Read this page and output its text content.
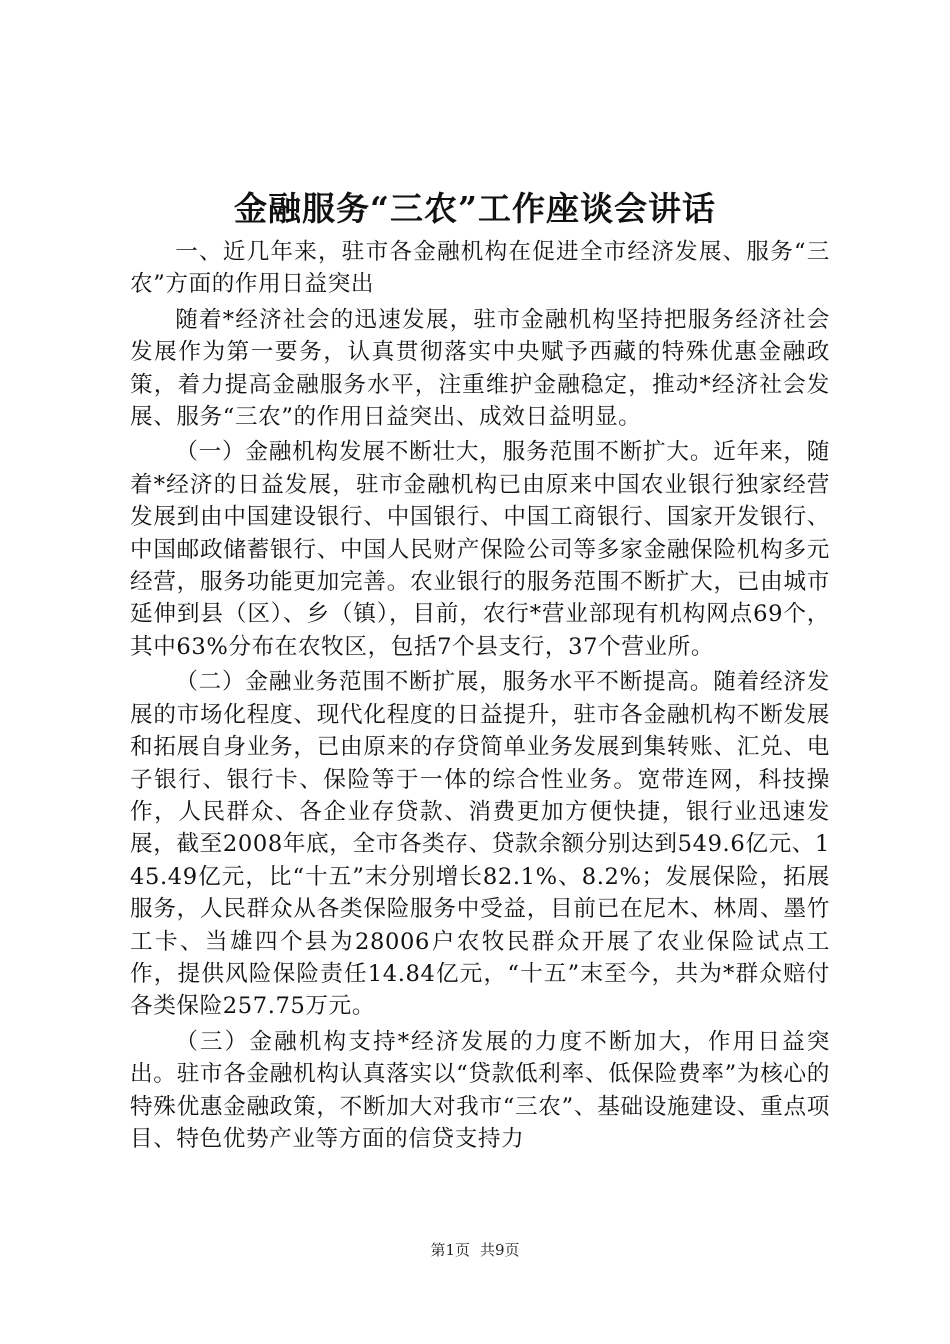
金融服务“三农”工作座谈会讲话

一、近几年来，驻市各金融机构在促进全市经济发展、服务“三农”方面的作用日益突出

随着*经济社会的迅速发展，驻市金融机构坚持把服务经济社会发展作为第一要务，认真贯彻落实中央赋予西藏的特殊优惠金融政策，着力提高金融服务水平，注重维护金融稳定，推动*经济社会发展、服务“三农”的作用日益突出、成效日益明显。

（一）金融机构发展不断壮大，服务范围不断扩大。近年来，随着*经济的日益发展，驻市金融机构已由原来中国农业银行独家经营发展到由中国建设银行、中国银行、中国工商银行、国家开发银行、中国邮政储蓄银行、中国人民财产保险公司等多家金融保险机构多元经营，服务功能更加完善。农业银行的服务范围不断扩大，已由城市延伸到县（区）、乡（镇），目前，农行*营业部现有机构网点69个，其中63%分布在农牧区，包括7个县支行，37个营业所。

（二）金融业务范围不断扩展，服务水平不断提高。随着经济发展的市场化程度、现代化程度的日益提升，驻市各金融机构不断发展和拓展自身业务，已由原来的存贷简单业务发展到集转账、汇兑、电子银行、银行卡、保险等于一体的综合性业务。宽带连网，科技操作，人民群众、各企业存贷款、消费更加方便快捷，银行业迅速发展，截至2008年底，全市各类存、贷款余额分别达到549.6亿元、145.49亿元，比“十五”末分别增长82.1%、8.2%；发展保险，拓展服务，人民群众从各类保险服务中受益，目前已在尼木、林周、墨竹工卡、当雄四个县为28006户农牧民群众开展了农业保险试点工作，提供风险保险责任14.84亿元，“十五”末至今，共为*群众赔付各类保险257.75万元。

（三）金融机构支持*经济发展的力度不断加大，作用日益突出。驻市各金融机构认真落实以“贷款低利率、低保险费率”为核心的特殊优惠金融政策，不断加大对我市“三农”、基础设施建设、重点项目、特色优势产业等方面的信贷支持力

第1页 共9页
